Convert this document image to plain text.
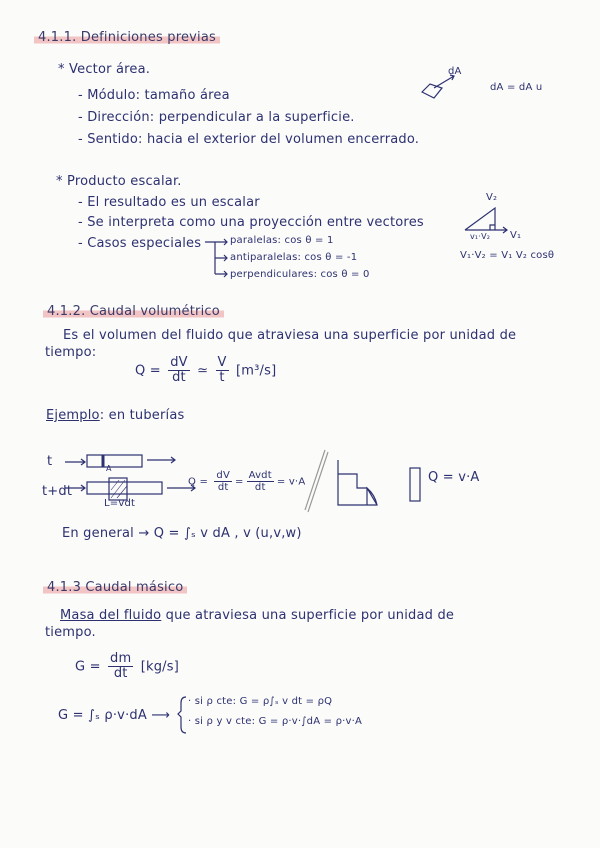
4.1.1. Definiciones previas
* Vector área.
- Módulo: tamaño área
- Dirección: perpendicular a la superficie.
- Sentido: hacia el exterior del volumen encerrado.
dA
dA = dA u
* Producto escalar.
- El resultado es un escalar
- Se interpreta como una proyección entre vectores
- Casos especiales	paralelas: cos θ = 1
antiparalelas: cos θ = -1
perpendiculares: cos θ = 0
V₂
V₁
v₁·V₂
V₁·V₂ = V₁ V₂ cosθ
4.1.2. Caudal volumétrico
Es el volumen del fluido que atraviesa una superficie por unidad de
tiempo:
$Q = \frac{dV}{dt}$ ≃ $\frac{V}{t} [m^3/s]$
Ejemplo: en tuberías
t
t+dt
A
L=vdt
$Q = \frac{dV}{dt} = \frac{\text{Avdt}}{dt} = v\cdot A$	Q = v·A
En general → Q = ∫ₛ v dA , v (u,v,w)
4.1.3 Caudal másico
Masa del fluido que atraviesa una superficie por unidad de
tiempo.
$G = \frac{dm}{dt} [kg/s]$
G = ∫ₛ ρ·v·dA ⟶
· si ρ cte: G = ρ∫ₛ v dt = ρQ
· si ρ y v cte: G = ρ·v·∫dA = ρ·v·A
